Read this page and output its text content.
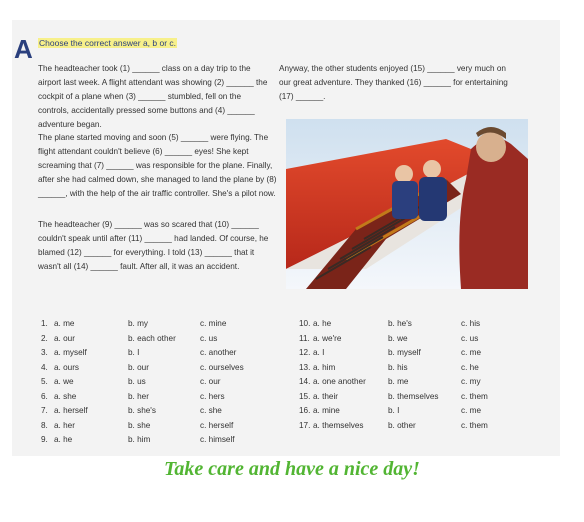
A Choose the correct answer a, b or c.

The headteacher took (1) ______ class on a day trip to the airport last week. A flight attendant was showing (2) ______ the cockpit of a plane when (3) ______ stumbled, fell on the controls, accidentally pressed some buttons and (4) ______ adventure began.

The plane started moving and soon (5) ______ were flying. The flight attendant couldn't believe (6) ______ eyes! She kept screaming that (7) ______ was responsible for the plane. Finally, after she had calmed down, she managed to land the plane by (8) ______, with the help of the air traffic controller. She's a pilot now.

The headteacher (9) ______ was so scared that (10) ______ couldn't speak until after (11) ______ had landed. Of course, he blamed (12) ______ for everything. I told (13) ______ that it wasn't all (14) ______ fault. After all, it was an accident.

Anyway, the other students enjoyed (15) ______ very much on our great adventure. They thanked (16) ______ for entertaining (17) ______.

1. a. me	b. my	c. mine
2. a. our	b. each other	c. us
3. a. myself	b. I	c. another
4. a. ours	b. our	c. ourselves
5. a. we	b. us	c. our
6. a. she	b. her	c. hers
7. a. herself	b. she's	c. she
8. a. her	b. she	c. herself
9. a. he	b. him	c. himself
10. a. he	b. he's	c. his
11. a. we're	b. we	c. us
12. a. I	b. myself	c. me
13. a. him	b. his	c. he
14. a. one another	b. me	c. my
15. a. their	b. themselves	c. them
16. a. mine	b. I	c. me
17. a. themselves	b. other	c. them
Take care and have a nice day!
